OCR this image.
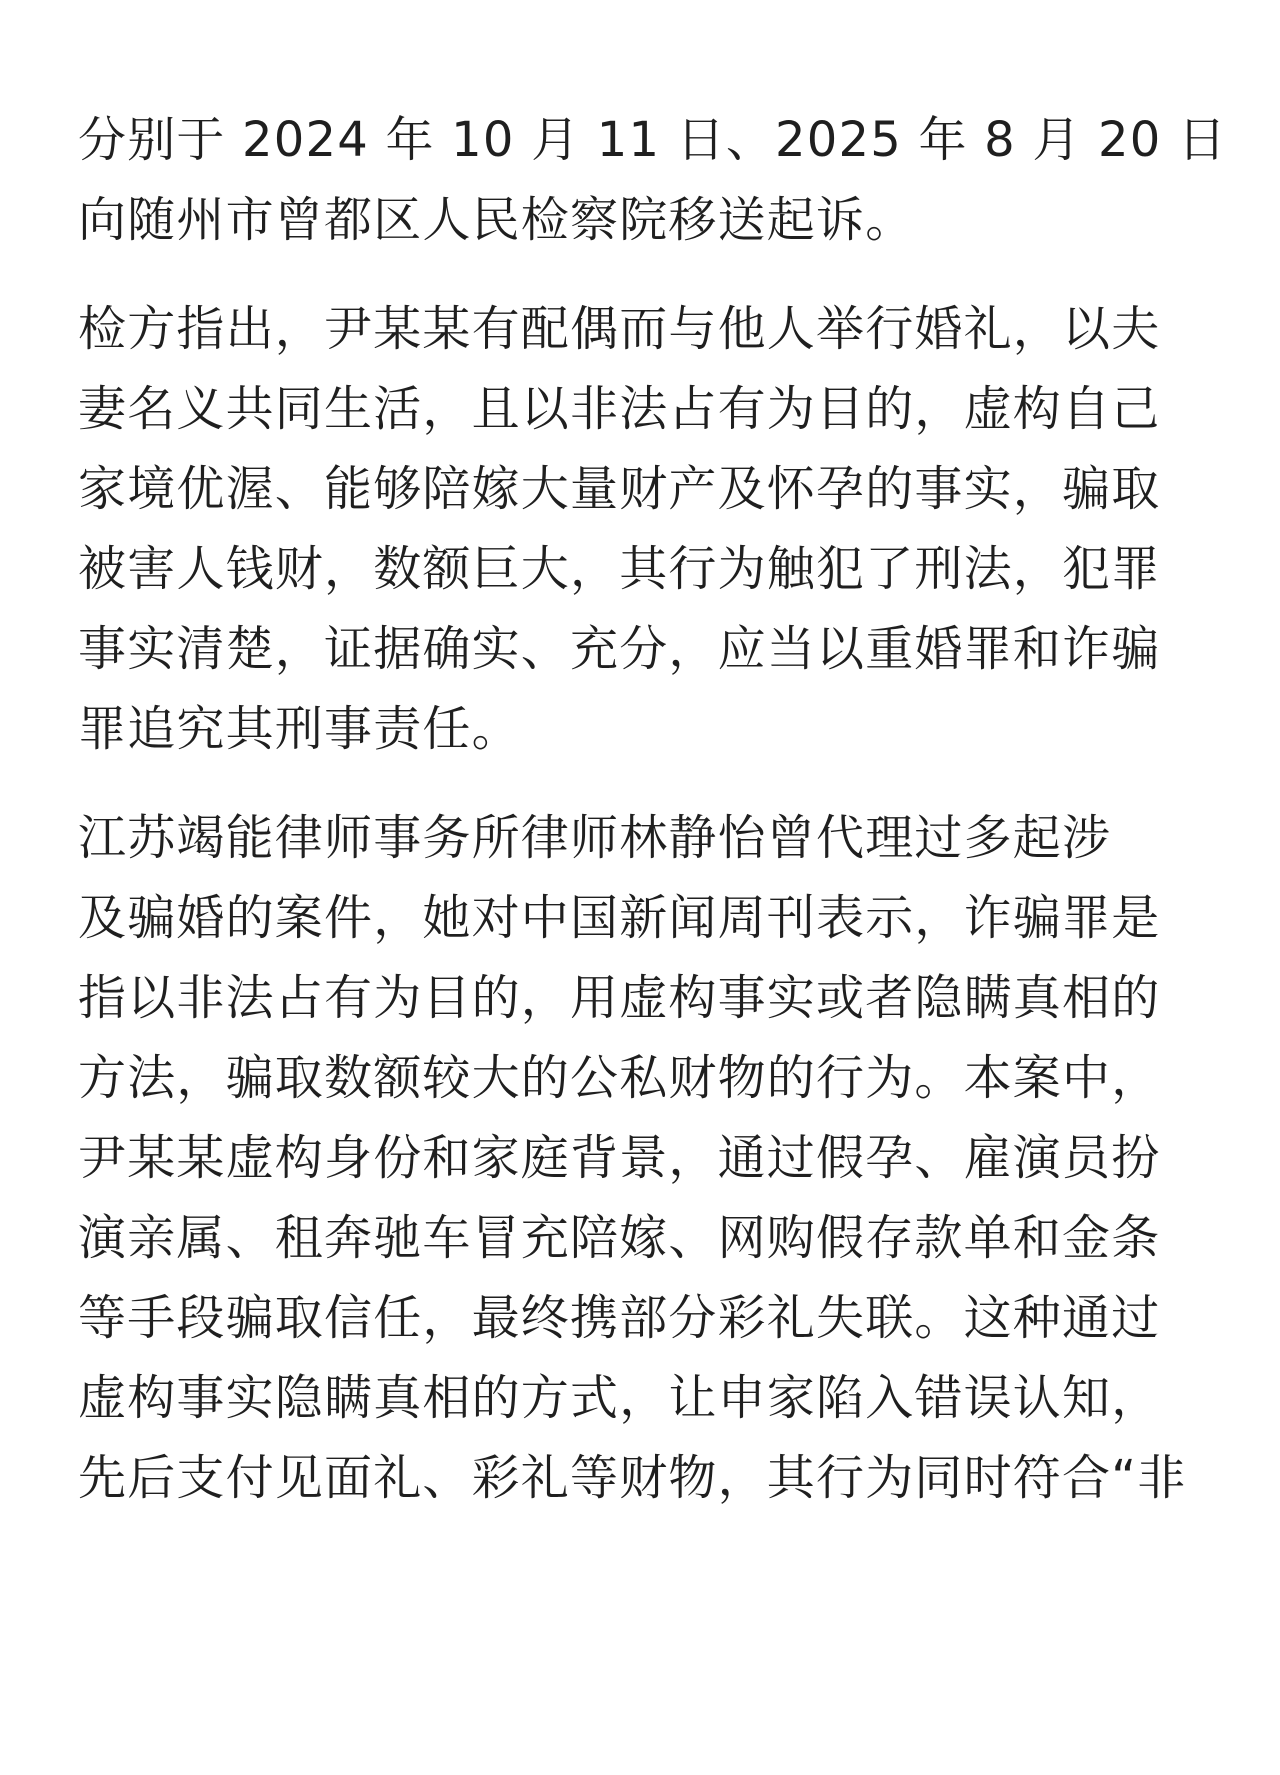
分别于 2024 年 10 月 11 日、2025 年 8 月 20 日
向随州市曾都区人民检察院移送起诉。
检方指出，尹某某有配偶而与他人举行婚礼，以夫
妻名义共同生活，且以非法占有为目的，虚构自己
家境优渥、能够陪嫁大量财产及怀孕的事实，骗取
被害人钱财，数额巨大，其行为触犯了刑法，犯罪
事实清楚，证据确实、充分，应当以重婚罪和诈骗
罪追究其刑事责任。
江苏竭能律师事务所律师林静怡曾代理过多起涉
及骗婚的案件，她对中国新闻周刊表示，诈骗罪是
指以非法占有为目的，用虚构事实或者隐瞒真相的
方法，骗取数额较大的公私财物的行为。本案中，
尹某某虚构身份和家庭背景，通过假孕、雇演员扮
演亲属、租奔驰车冒充陪嫁、网购假存款单和金条
等手段骗取信任，最终携部分彩礼失联。这种通过
虚构事实隐瞒真相的方式，让申家陷入错误认知，
先后支付见面礼、彩礼等财物，其行为同时符合“非
